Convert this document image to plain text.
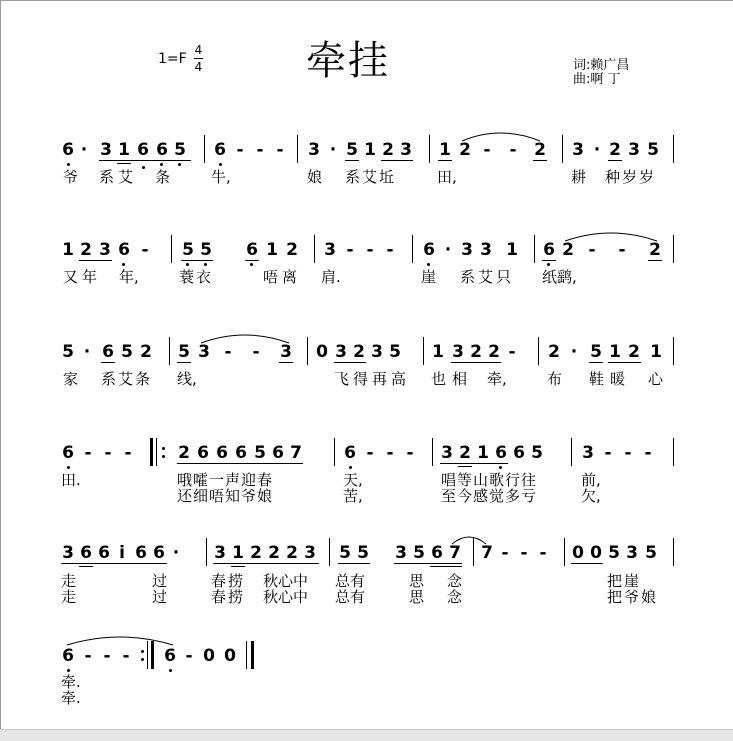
1=F
4
4	牵挂	词:赖广昌
曲:啊 丁
6 · 3 1 6 6 5 6 - - - 3 · 5 1 2 3 1 2 - - 2 3 · 2 3 5
爷 系艾 条	牛,	娘 系艾坵	田,	耕 种岁岁
1 2 3 6 - 5 5 6 1 2 3 - - - 6 · 3 3 1 6 2 - - 2
又年 年,	蓑衣	唔离 肩.	崖 系艾只 纸鹞,
5 · 6 5 2 5 3 - - 3 0 3 2 3 5 1 3 2 2 - 2 · 5 1 2 1
家 系艾条 线,	飞得再高 也相 牵,	布 鞋暖 心
6 - - -	2 6 6 6 5 6 7 6 - - - 3 2 1 6 6 5 3 - - -
田.	哦嚯一声迎春	天,	唱等山歌行往	前,
还细唔知爷娘	苦,	至今感觉多亏	欠,
3 6 6 i 6 6 · 3 1 2 2 2 3 5 5 3 5 6 7 7 - - - 0 0 5 3 5
走	过	春捞 秋心中 总有	思 念	把崖
走	过	春捞 秋心中 总有	思 念	把爷娘
6 - - - 6 - 0 0
牵.
牵.
